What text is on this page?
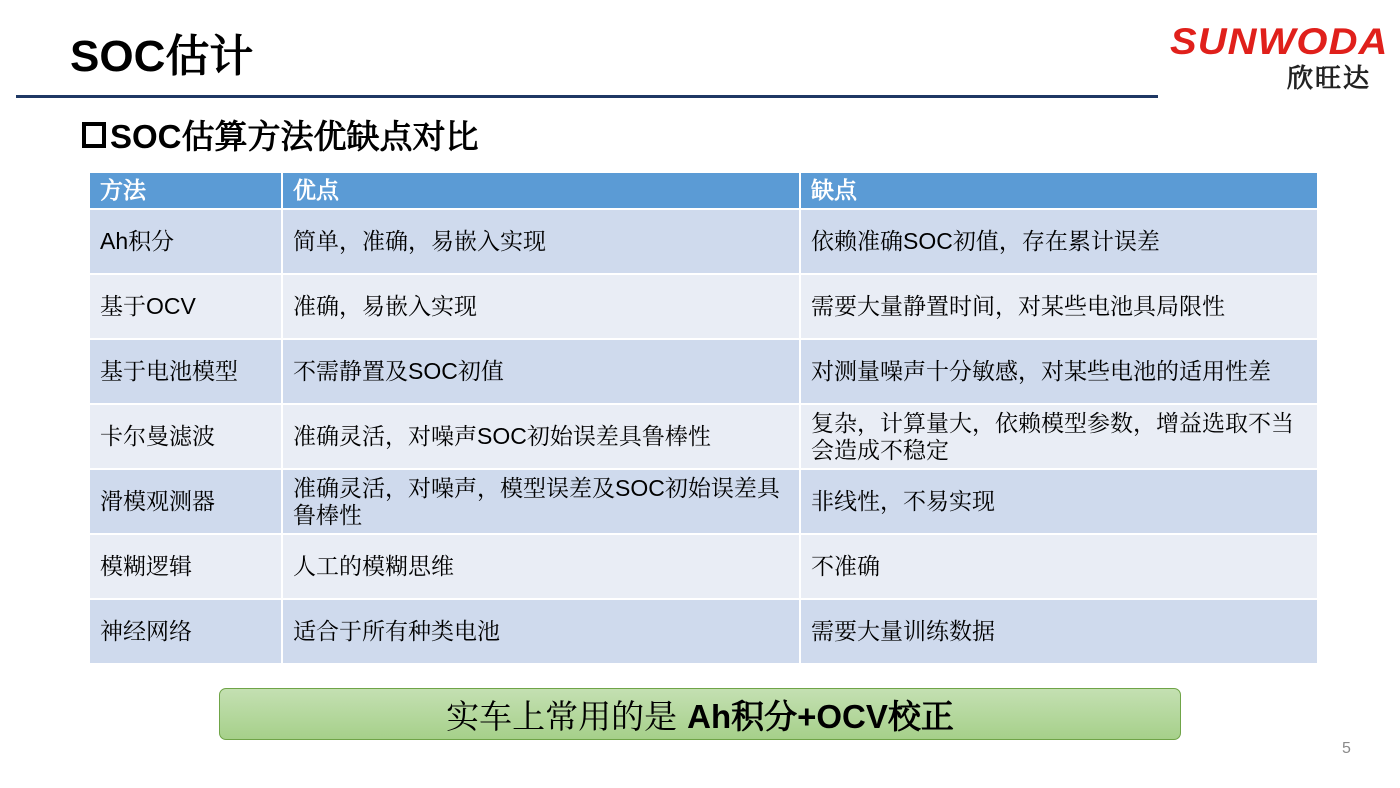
SOC估计	SUNWODA
欣旺达
SOC估算方法优缺点对比
方法	优点	缺点
Ah积分	简单，准确，易嵌入实现	依赖准确SOC初值，存在累计误差
基于OCV	准确，易嵌入实现	需要大量静置时间，对某些电池具局限性
基于电池模型	不需静置及SOC初值	对测量噪声十分敏感，对某些电池的适用性差
卡尔曼滤波	准确灵活，对噪声SOC初始误差具鲁棒性	复杂，计算量大，依赖模型参数，增益选取不当会造成不稳定
滑模观测器	准确灵活，对噪声，模型误差及SOC初始误差具鲁棒性	非线性，不易实现
模糊逻辑	人工的模糊思维	不准确
神经网络	适合于所有种类电池	需要大量训练数据
实车上常用的是 Ah积分+OCV校正
5
